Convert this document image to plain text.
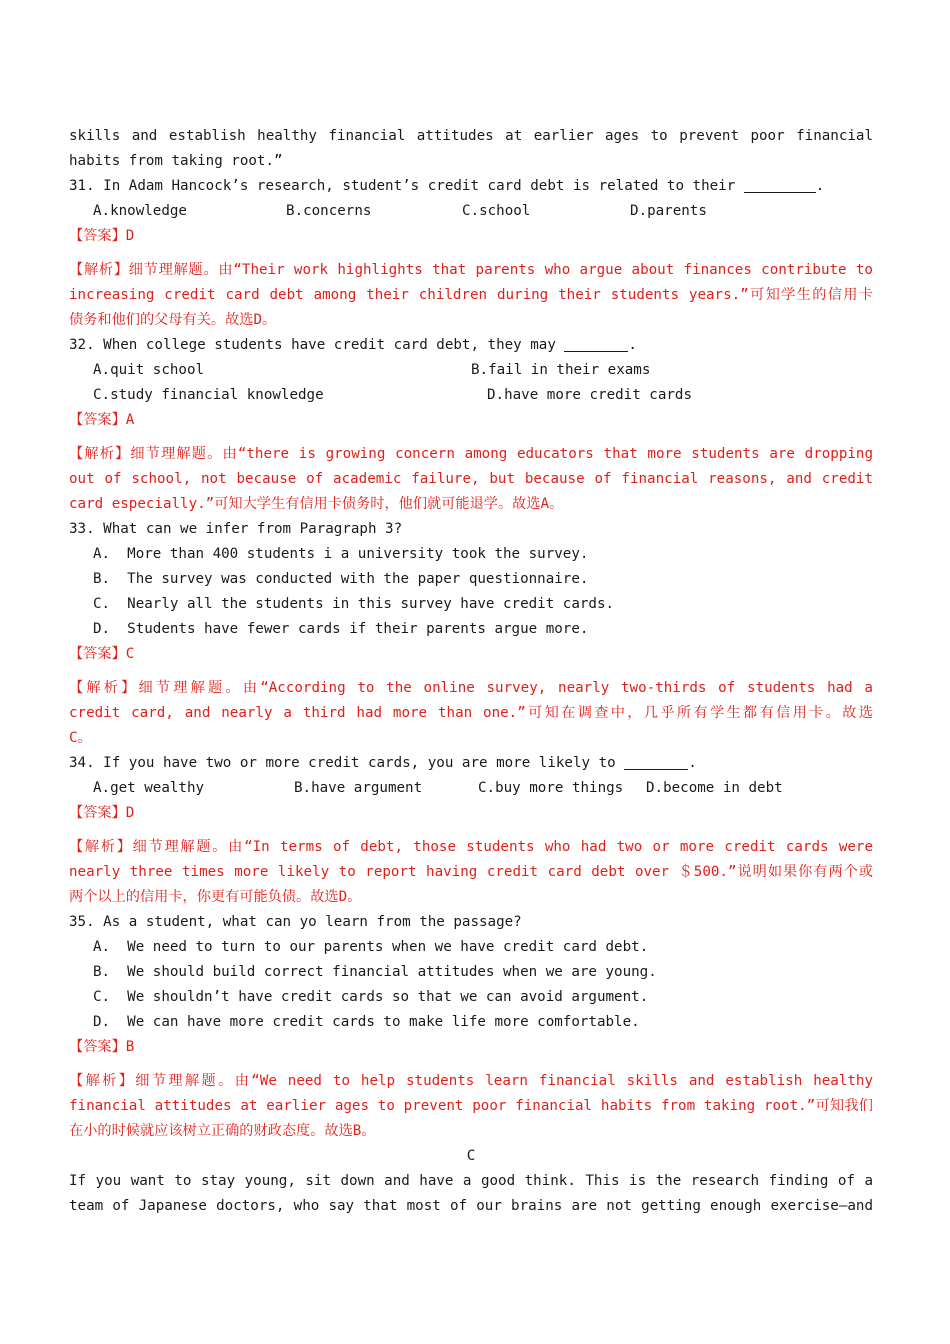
skills and establish healthy financial attitudes at earlier ages to prevent poor financial
habits from taking root.”
31. In Adam Hancock’s research, student’s credit card debt is related to their	.
A.knowledge	B.concerns	C.school	D.parents
【答案】D
【解析】细节理解题。由“Their work highlights that parents who argue about finances contribute to
increasing credit card debt among their children during their students years.”可知学生的信用卡
债务和他们的父母有关。故选D。
32. When college students have credit card debt, they may	.
A.quit school	B.fail in their exams
C.study financial knowledge	D.have more credit cards
【答案】A
【解析】细节理解题。由“there is growing concern among educators that more students are dropping
out of school, not because of academic failure, but because of financial reasons, and credit
card especially.”可知大学生有信用卡债务时，他们就可能退学。故选A。
33. What can we infer from Paragraph 3?
A.  More than 400 students i a university took the survey.
B.  The survey was conducted with the paper questionnaire.
C.  Nearly all the students in this survey have credit cards.
D.  Students have fewer cards if their parents argue more.
【答案】C
【解析】细节理解题。由“According to the online survey, nearly two-thirds of students had a
credit card, and nearly a third had more than one.”可知在调查中，几乎所有学生都有信用卡。故选
C。
34. If you have two or more credit cards, you are more likely to	.
A.get wealthy	B.have argument	C.buy more things	D.become in debt
【答案】D
【解析】细节理解题。由“In terms of debt, those students who had two or more credit cards were
nearly three times more likely to report having credit card debt over ＄500.”说明如果你有两个或
两个以上的信用卡，你更有可能负债。故选D。
35. As a student, what can yo learn from the passage?
A.  We need to turn to our parents when we have credit card debt.
B.  We should build correct financial attitudes when we are young.
C.  We shouldn’t have credit cards so that we can avoid argument.
D.  We can have more credit cards to make life more comfortable.
【答案】B
【解析】细节理解题。由“We need to help students learn financial skills and establish healthy
financial attitudes at earlier ages to prevent poor financial habits from taking root.”可知我们
在小的时候就应该树立正确的财政态度。故选B。
C
If you want to stay young, sit down and have a good think. This is the research finding of a
team of Japanese doctors, who say that most of our brains are not getting enough exercise—and
